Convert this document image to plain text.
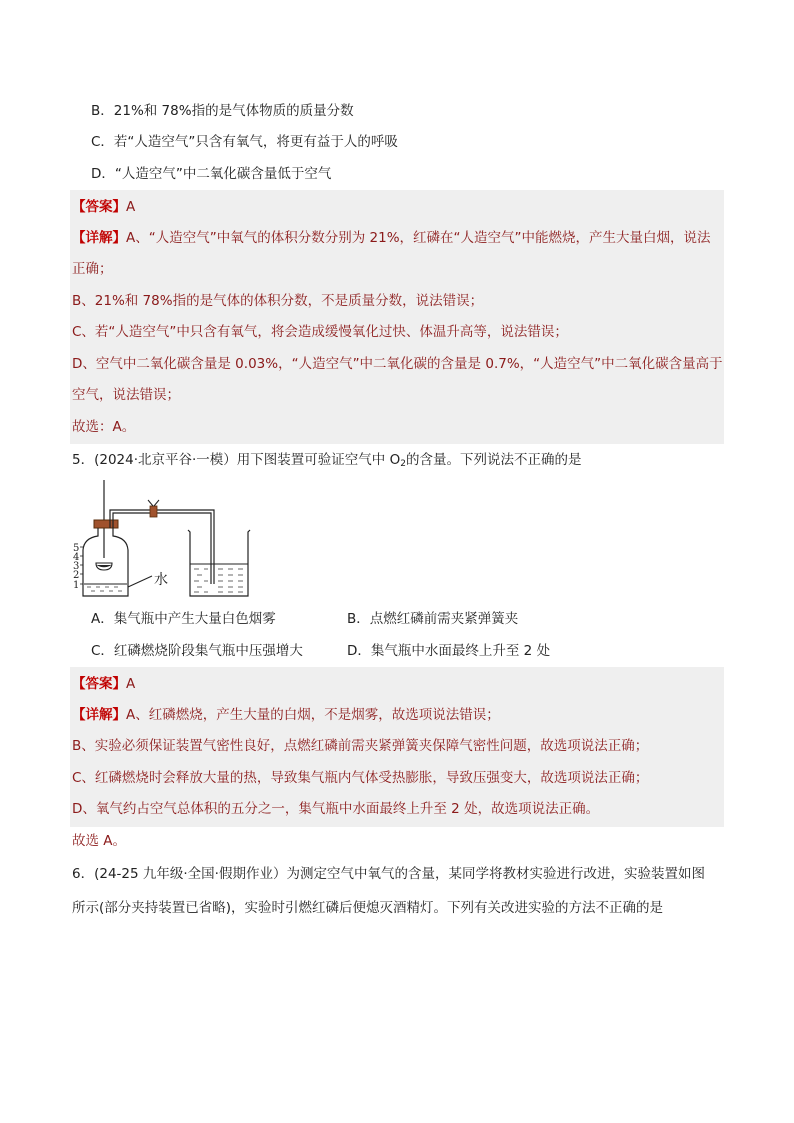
B．21%和 78%指的是气体物质的质量分数
C．若“人造空气”只含有氧气，将更有益于人的呼吸
D．“人造空气”中二氧化碳含量低于空气
【答案】A
【详解】A、“人造空气”中氧气的体积分数分别为 21%，红磷在“人造空气”中能燃烧，产生大量白烟，说法
正确；
B、21%和 78%指的是气体的体积分数，不是质量分数，说法错误；
C、若“人造空气”中只含有氧气，将会造成缓慢氧化过快、体温升高等，说法错误；
D、空气中二氧化碳含量是 0.03%，“人造空气”中二氧化碳的含量是 0.7%，“人造空气”中二氧化碳含量高于
空气，说法错误；
故选：A。
5．(2024·北京平谷·一模）用下图装置可验证空气中 $O_2$的含量。下列说法不正确的是
5
4
3
2
1	水
A．集气瓶中产生大量白色烟雾	B．点燃红磷前需夹紧弹簧夹
C．红磷燃烧阶段集气瓶中压强增大	D．集气瓶中水面最终上升至 2 处
【答案】A
【详解】A、红磷燃烧，产生大量的白烟，不是烟雾，故选项说法错误；
B、实验必须保证装置气密性良好，点燃红磷前需夹紧弹簧夹保障气密性问题，故选项说法正确；
C、红磷燃烧时会释放大量的热，导致集气瓶内气体受热膨胀，导致压强变大，故选项说法正确；
D、氧气约占空气总体积的五分之一，集气瓶中水面最终上升至 2 处，故选项说法正确。
故选 A。
6．(24-25 九年级·全国·假期作业）为测定空气中氧气的含量，某同学将教材实验进行改进，实验装置如图
所示(部分夹持装置已省略)，实验时引燃红磷后便熄灭酒精灯。下列有关改进实验的方法不正确的是
